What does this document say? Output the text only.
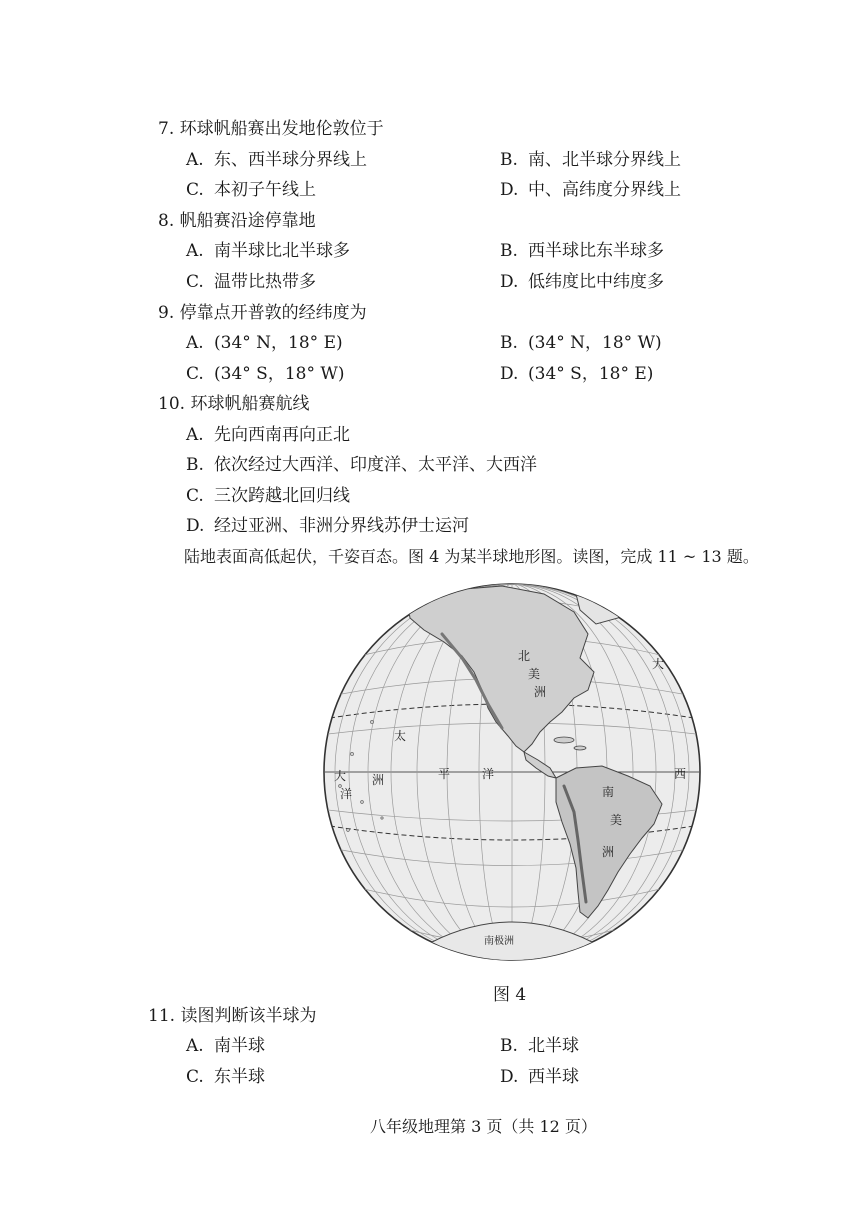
7. 环球帆船赛出发地伦敦位于
A. 东、西半球分界线上	B. 南、北半球分界线上
C. 本初子午线上	D. 中、高纬度分界线上
8. 帆船赛沿途停靠地
A. 南半球比北半球多	B. 西半球比东半球多
C. 温带比热带多	D. 低纬度比中纬度多
9. 停靠点开普敦的经纬度为
A. (34° N，18° E)	B. (34° N，18° W)
C. (34° S，18° W)	D. (34° S，18° E)
10. 环球帆船赛航线
A. 先向西南再向正北
B. 依次经过大西洋、印度洋、太平洋、大西洋
C. 三次跨越北回归线
D. 经过亚洲、非洲分界线苏伊士运河
陆地表面高低起伏，千姿百态。图 4 为某半球地形图。读图，完成 11 ~ 13 题。
太
平	洋
北
美
洲
南
美
洲
南极洲
大
西
大
洋
洲
图 4
11. 读图判断该半球为
A. 南半球	B. 北半球
C. 东半球	D. 西半球
八年级地理第 3 页（共 12 页）
